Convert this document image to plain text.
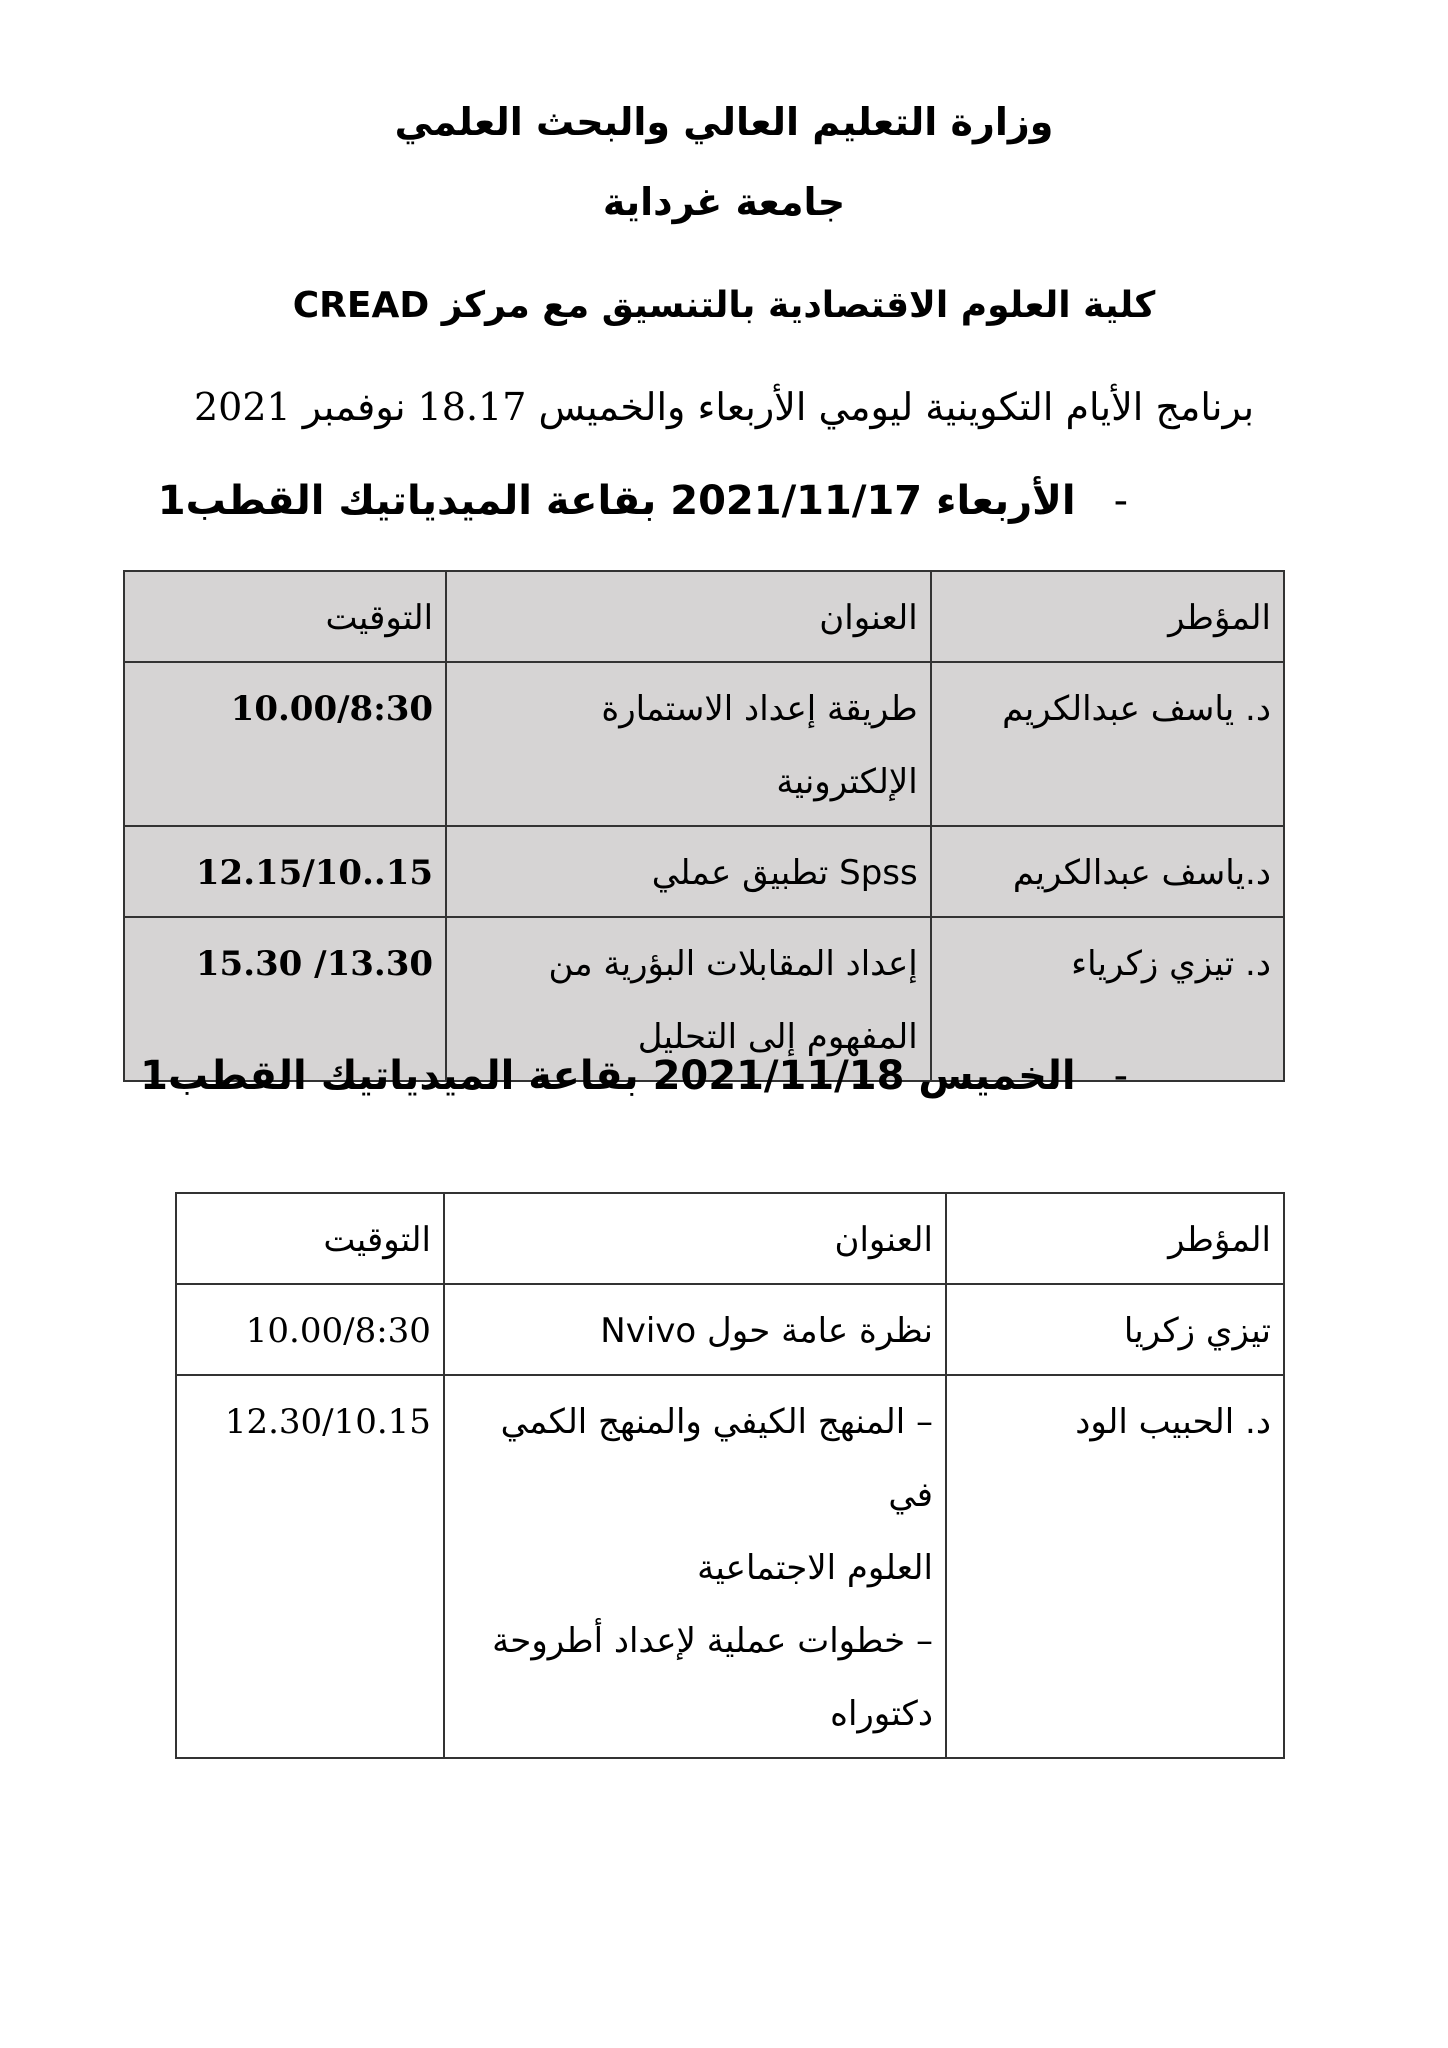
وزارة التعليم العالي والبحث العلمي
جامعة غرداية
كلية العلوم الاقتصادية بالتنسيق مع مركز CREAD
برنامج الأيام التكوينية ليومي الأربعاء والخميس 18.17 نوفمبر 2021
- الأربعاء 2021/11/17 بقاعة الميدياتيك القطب1
المؤطر	العنوان	التوقيت
د. ياسف عبدالكريم	طريقة إعداد الاستمارة الإلكترونية	10.00/8:30
د.ياسف عبدالكريم	Spss تطبيق عملي	12.15/10..15
د. تيزي زكرياء	إعداد المقابلات البؤرية من
المفهوم إلى التحليل	15.30 /13.30
- الخميس 2021/11/18 بقاعة الميدياتيك القطب1
المؤطر	العنوان	التوقيت
تيزي زكريا	نظرة عامة حول Nvivo	10.00/8:30
د. الحبيب الود	– المنهج الكيفي والمنهج الكمي في
العلوم الاجتماعية
– خطوات عملية لإعداد أطروحة
دكتوراه	12.30/10.15
